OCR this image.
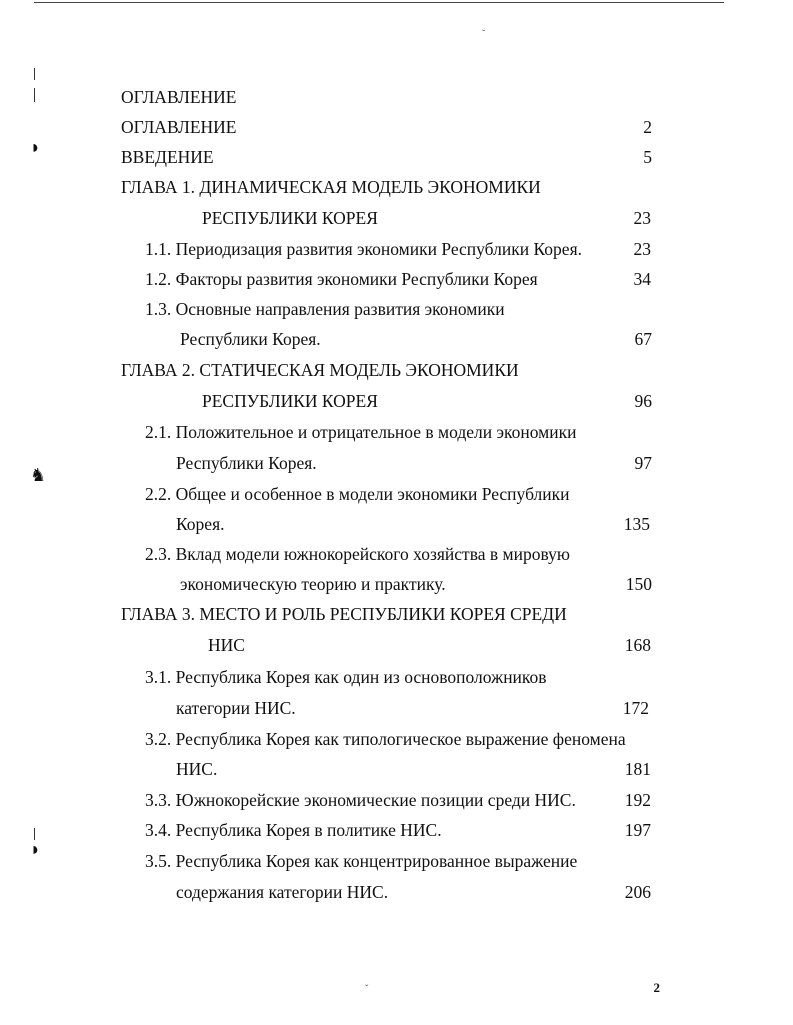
◗
♞
◗
ˇ
ˇ
ОГЛАВЛЕНИЕ
ОГЛАВЛЕНИЕ	2
ВВЕДЕНИЕ	5
ГЛАВА 1. ДИНАМИЧЕСКАЯ МОДЕЛЬ ЭКОНОМИКИ
РЕСПУБЛИКИ КОРЕЯ	23
1.1. Периодизация развития экономики Республики Корея.	23
1.2. Факторы развития экономики Республики Корея	34
1.3. Основные направления развития экономики
Республики Корея.	67
ГЛАВА 2. СТАТИЧЕСКАЯ МОДЕЛЬ ЭКОНОМИКИ
РЕСПУБЛИКИ КОРЕЯ	96
2.1. Положительное и отрицательное в модели экономики
Республики Корея.	97
2.2. Общее и особенное в модели экономики Республики
Корея.	135
2.3. Вклад модели южнокорейского хозяйства в мировую
экономическую теорию и практику.	150
ГЛАВА 3. МЕСТО И РОЛЬ РЕСПУБЛИКИ КОРЕЯ СРЕДИ
НИС	168
3.1. Республика Корея как один из основоположников
категории НИС.	172
3.2. Республика Корея как типологическое выражение феномена
НИС.	181
3.3. Южнокорейские экономические позиции среди НИС.	192
3.4. Республика Корея в политике НИС.	197
3.5. Республика Корея как концентрированное выражение
содержания категории НИС.	206
2
